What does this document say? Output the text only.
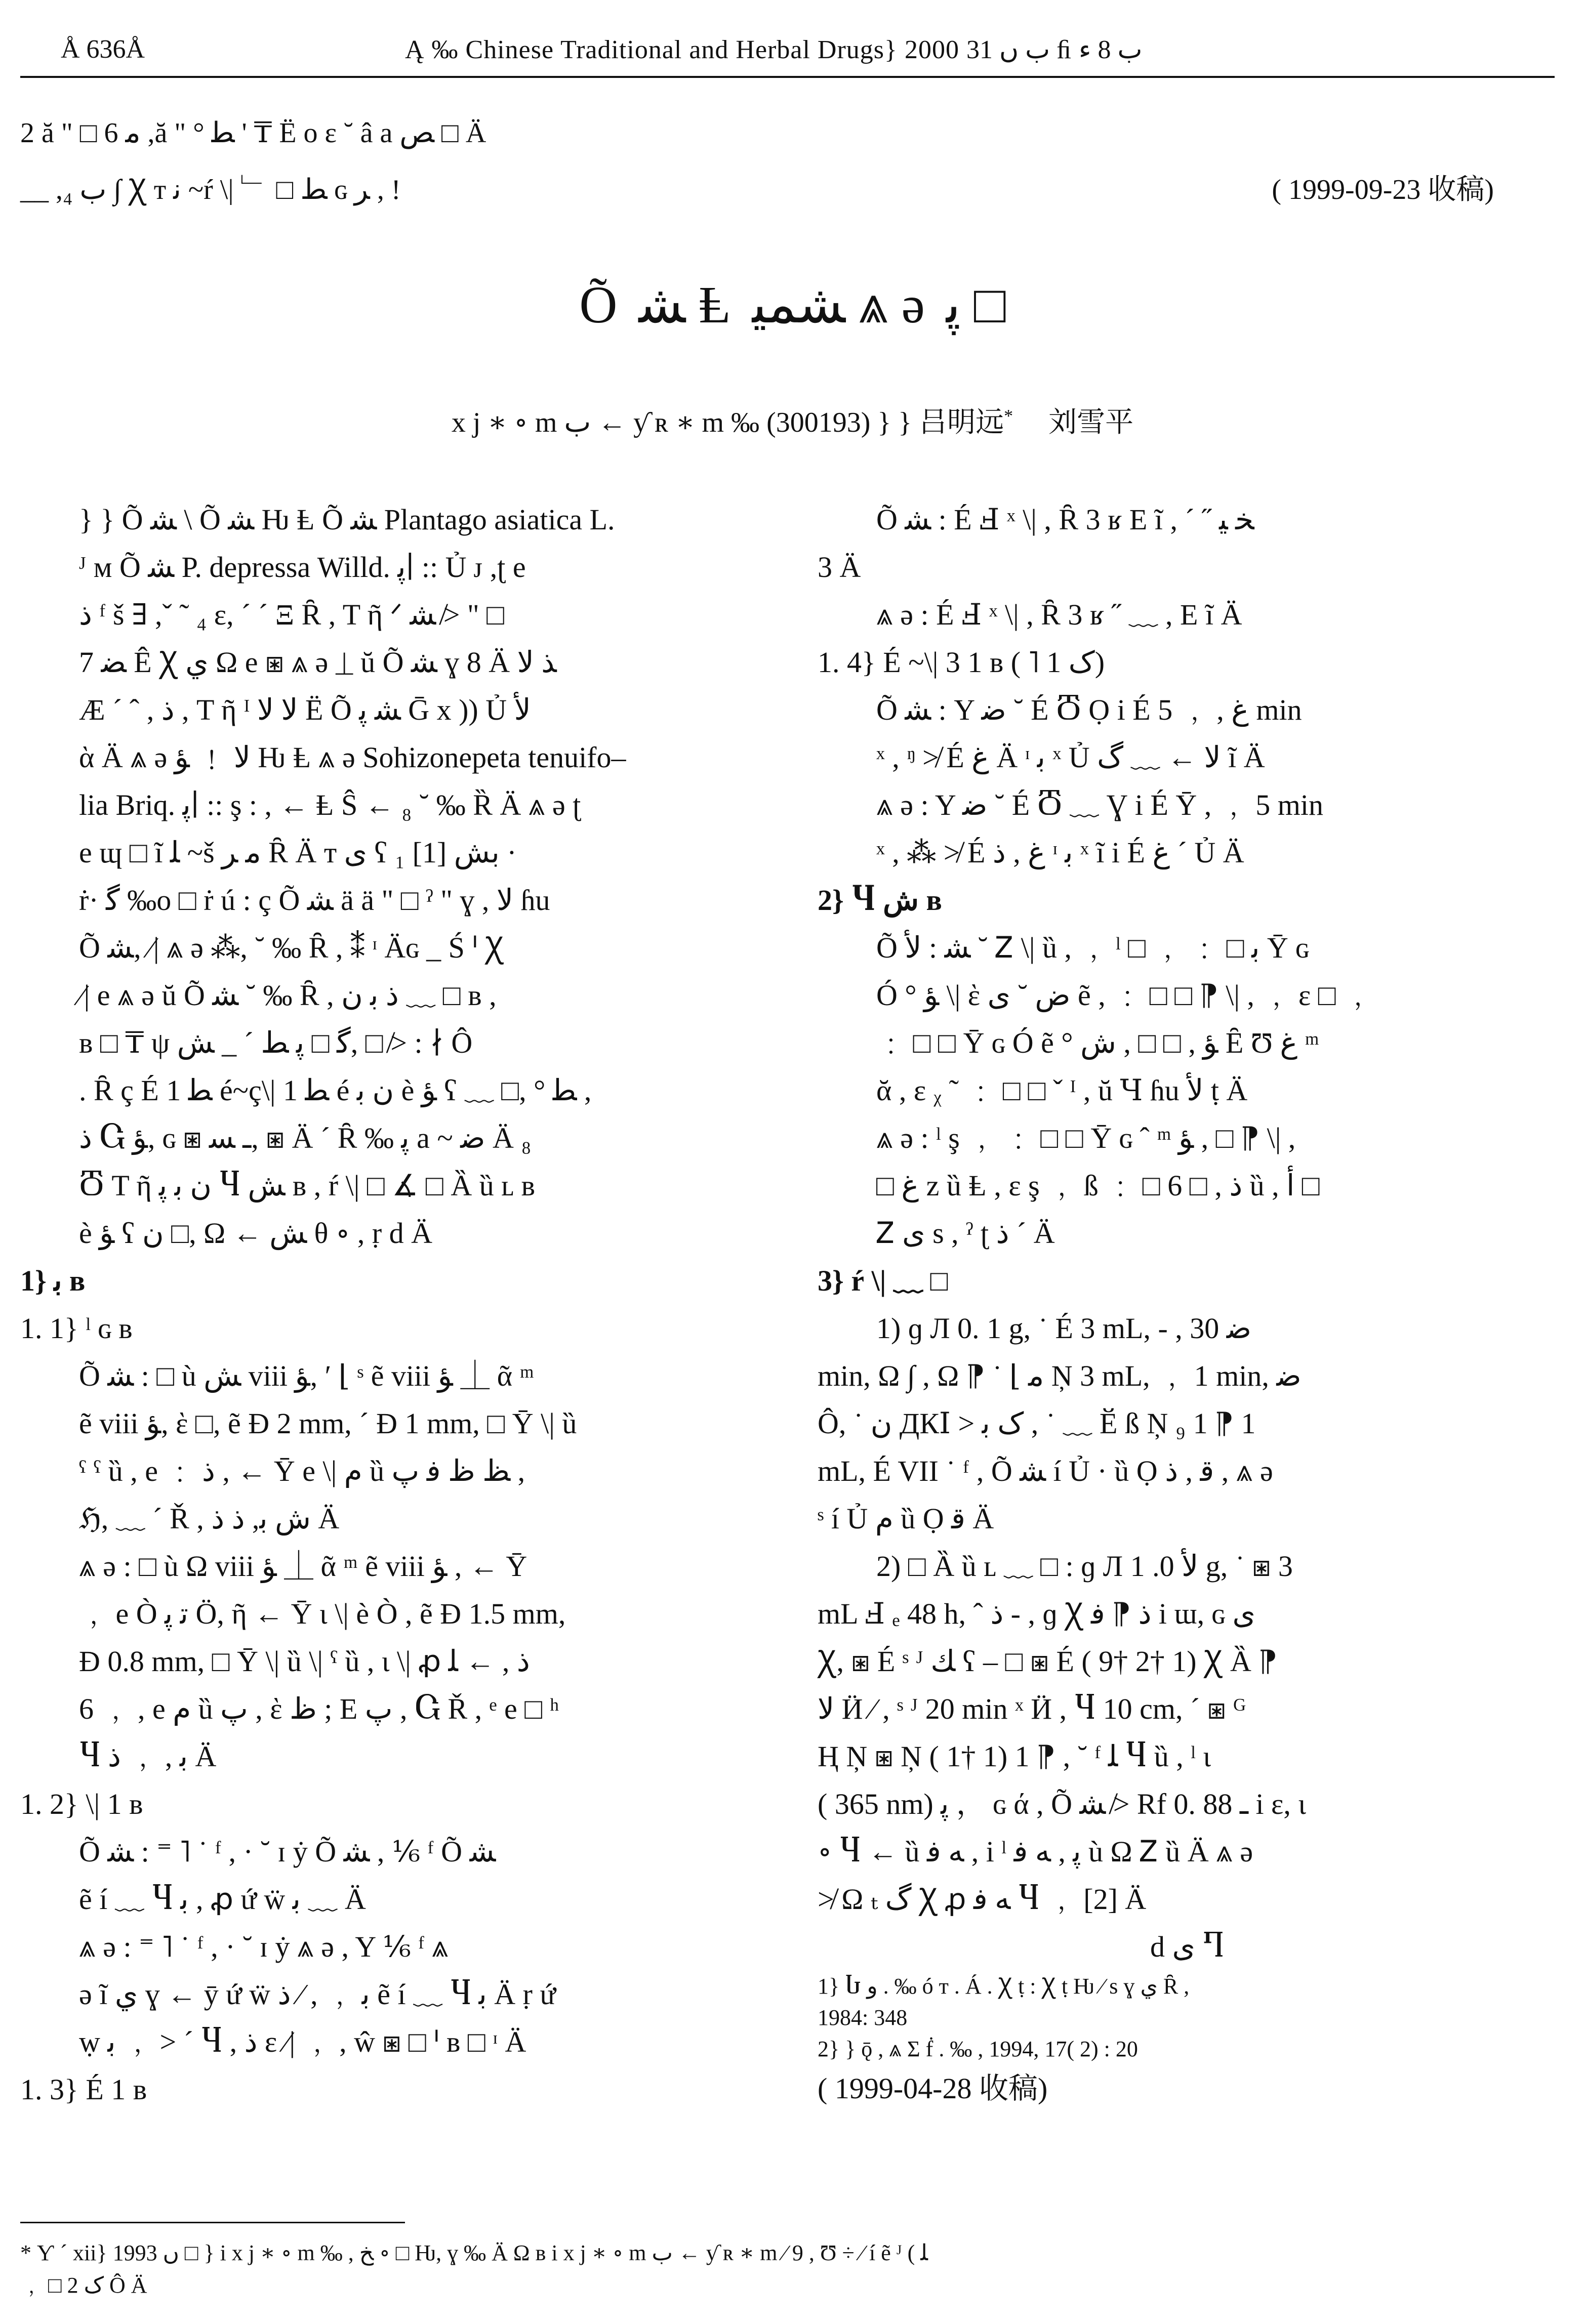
Å 636Å	Ą ‰ Chinese Traditional and Herbal Drugs} 2000 ب ں 31 ﬁ ب 8 ء
2 ă " □ 6 ﻣ ,ă " ° ﻄ ' ₸ Ë ο ε ˘ â a ﺺ □ Ä
__ ,ﺏ ₄ ∫ Ꭓ т ﻧ ~ŕ \| ﹂ □ ﻂ ɢ ﺮ , ǃ	( 1999-09-23 收稿)
Õ ﺸ Ⱡ ﺸﻤﻴ ⩓ ə ﭘ □
x j ∗ ∘ m ب ← ƴ ʀ ∗ m ‰ (300193) } } 吕明远* 刘雪平

} } Õ ﺸ \ Õ ﺸ Ƕ Ⱡ Õ ﺸ Plantago asiatica L.

ᴶ ᴍ Õ ﺸ P. depressa Willd. ﭘ∣ :: Ủ ᴊ ,ʈ e

ﺫ ᶠ š ∃ ,ˇ ˜ ₄ ε, ´ ˊ Ξ Ȓ , T ῆ ᐟ ﺸ ≯ " □

ﻀ 7 Ê Ꭓ ﻱ Ω e ⧆ ⩓ ə ⏊ ŭ Õ ﺸ ɣ 8 Ä ﺬ ﻻ

Æ ´ ˆ , ﺫ , T ῆ ᴵ ﻻ ﻻ Ë Õ ﺸ ﭘ Ḡ x )) Ủ ﻷ

ὰ Ä ⩓ ə ﻻ ﹗ ﺆ Ƕ Ⱡ ⩓ ə Sohizonepeta tenuifo–

lia Briq. ﭘ∣ :: ş : , ← Ⱡ Ŝ ← ₈ ˘ ‰ Ȑ Ä ⩓ ə ʈ

e ɰ □ ĩ ﻠ ~š ﻣ ﺮ Ȓ Ä т ﻯ ʕ ﺑﺶ [1] ₁ ·

ṙ· ﮔ ‰o □ ṙ ú : ç Õ ﺸ ä ä " □ ˀ " ɣ , ﻻ ɦu

Õ ﺸ, ∕| ⩓ ə ⁂, ˘ ‰ Ȓ , ⁑ ᶦ Äɢ _ Ś ᑊ Ꭓ

∕| e ⩓ ə ŭ Õ ﺸ ˘ ‰ Ȓ , ﺫ ﺑ ﻥ ﹏ □ ʙ ,

ʙ □ ₸ ψ ﮔ □ ﭘ ﻂ ˊ _ ﺶ, □ ≯ : ∤ Ô

. Ȓ ç É 1 ﻄ é~ç\| 1 ﻄ é ﻥ ﺑ è ﺆ ʕ ﹏ □, ° ﻄ ,

ﺫ Ⴚ ﺆ, ɢ ⧆ ـ ﺴ, ⧆ Ä ´ Ȓ ‰ ﭘ a ~ ﺿ Ä ₈

Ⴃ T ῆ ﻥ ﺑ ﭘ Ⴗ ﺶ ʙ , ŕ \| □ ∡ □ Ȁ ȕ ʟ ʙ

è ﺆ ʕ ﻥ □, Ω ← ﺶ θ ∘ , ṛ d Ä

1} ﺑ ʙ

1. 1} ˡ ɢ ʙ

Õ ﺸ : □ ù ﺶ viii ﺆ, ′ ⌊ ˢ ẽ viii ﺆ ⏊ ᾶ ᵐ

ẽ viii ﺆ, ὲ □, ẽ Ɖ 2 mm, ´ Ɖ 1 mm, □ Ȳ \| ȕ

ˤ ˤ ȕ , e ﹕ ﺫ , ← Ȳ e \| ﻡ ȕ ﻆ ﻅ ﻓ ﭖ ,

ℌ, ﹏ ´ Ř , ﺵ ﺑ, ﺫ ﺫ Ä

⩓ ə : □ ù Ω viii ﺆ ⏊ ᾶ ᵐ ẽ viii ﺆ , ← Ȳ

﹐ e Ò ﺗ ﭘ Ö, ῆ ← Ȳ ι \| è Ò , ẽ Ɖ 1.5 mm,

Ɖ 0.8 mm, □ Ȳ \| ȕ \| ˤ ȕ , ι \| ꝓ ﺫ , ← ﻠ

6 ﹐ , e ﻡ ȕ ﭖ , ὲ ﻅ ; Ε ﭖ , Ⴚ Ř , ᵉ e □ ʰ

Ⴗ ﺑ , ﹐ ﺫ Ä

1. 2} \| 1 ʙ

Õ ﺸ : ⁼ ˥ ˙ ᶠ , · ˘ ɪ ẏ Õ ﺸ , ⅙ ᶠ Õ ﺸ

ẽ í ﹏ Ⴗ ﺑ , ꝓ ứ ẅ ﺑ ﹏ Ä

⩓ ə : ⁼ ˥ ˙ ᶠ , · ˘ ɪ ẏ ⩓ ə , Y ⅙ ᶠ ⩓

ə ĩ ﻱ ɣ ← ȳ ứ ẅ ﺑ ﹐ , ∕ ﺫ ẽ í ﹏ Ⴗ ﺑ Ä ṛ ứ

ẉ ﺑ ﹐ > ˊ Ⴗ , ﺫ ε ∕| ﹐ , ŵ ⧆ □ ᑊ ʙ □ ᶦ Ä

1. 3} É 1 ʙ

Õ ﺸ : É Ⅎ ˣ \| , Ȓ 3 ʁ Ε ĩ , ´ ˝ ﺨ ﻴ

3 Ä

⩓ ə : É Ⅎ ˣ \| , Ȓ 3 ʁ ˝ ﹏ , Ε ĩ Ä

1. 4} É ~\| 3 1 ʙ ( ˥ 1 ﮎ)

Õ ﺸ : Y ﺿ ˘ É Ⴃ Ọ i É ﻍ , ﹐ 5 min

ˣ , ᵑ ≯ É ﻍ Ä ᶦ ﺑ ˣ Ủ ﻻ ← ﹏ ﮒ ĩ Ä

⩓ ə : Y ﺿ ˘ É Ⴃ ﹏ Ɣ i É Ȳ , ﹐ 5 min

ˣ , ⁂ ≯ É ﻍ , ﺫ ᶦ ﺑ ˣ ĩ i É ﻍ ´ Ủ Ä

2} Ⴗ ﺵ ʙ

Õ ﺸ : ﻷ ˘ Ꮓ \| ȕ , ﹐ ˡ □ ﹐ ﹕ □ ﺑ Ȳ ɢ

Ó ° ﺆ \| ὲ ﺽ ˘ ﻯ ẽ , ﹕ □ □ ⁋ \| , ﹐ ε □ ﹐

﹕ □ □ Ȳ ɢ Ó ẽ ° ﺆ , □ □ , ﺵ Ȇ Ʊ ﻍ ᵐ

ᾰ , ε ᵪ ˜ ﹕ □ □ ˇ ᴵ , ŭ Ɥ ɦu ﻷ ṭ Ä

⩓ ə : ˡ ş ﹐ ﹕ □ □ Ȳ ɢ ˆ ᵐ ﺆ , □ ⁋ \| ,

□ ﻍ ᴢ ȕ Ⱡ , ε ş ﹐ ß ﹕ □ 6 □ , ﺫ ȕ , ﺃ □

Ꮓ ﻯ s , ˀ ʈ ﺫ ´ Ä

3} ŕ \| ﹏ □

1) ɡ Л 0. 1 g, ˙ É 3 mL, - , ﺿ 30

min, Ω ∫ , Ω ⁋ ˙ ⌊ ﻣ Ņ 3 mL, ﹐ 1 min, ﺿ

Ô, ˙ ﻥ ДКⅠ ˃ ﮎ ﺑ , ˙ ﹏ Ӗ ß Ņ ₉ 1 ⁋ 1

mL, É VII ˙ ᶠ , Õ ﺸ í Ủ · ȕ Ọ ﻗ , ﺫ , ⩓ ə

ˢ í Ủ ﻡ ȕ Ọ ﻗ Ä

2) □ Ȁ ȕ ʟ ﹏ □ : ɡ Л ﻷ 0. 1 g, ˙ ⧆ 3

mL Ⅎ ₑ 48 h, ˆ ﺫ - , ɡ Ꭓ ﺫ ⁋ ﻓ i ɯ, ɢ ﻯ

Ꭓ, ⧆ É ˢ ᴶ ﻚ ʕ – □ ⧆ É ( 9† 2† 1) Ꭓ Ȁ ⁋

ﻻ Ӥ ∕ , ˢ ᴶ 20 min ˣ Ӥ , Ⴗ 10 cm, ´ ⧆ ᴳ

Ⱨ Ņ ⧆ Ņ ( 1† 1) 1 ⁋ , ˘ ᶠ ﻠ Ⴗ ȕ , ˡ ι

( 365 nm) ﭘ ， ɢ ά , Õ ﺸ ≯ Rf 0. 88 ـ i ε, ι

∘ Ⴗ ← ȕ ﻪ ﻓ , i ˡ ﭘ , ﻪ ﻓ ù Ω Ꮓ ȕ Ä ⩓ ə

≯ Ω ₜ ﮒ Ꭓ ꝓ ﻪ ﻓ Ⴗ ﹐ [2] Ä

d ﻯ Ⴄ

1} Ⴑ ﻭ . ‰ ó т . Á . Ꭓ ṭ : Ꭓ ṭ Ƕ ∕ s ɣ ﻱ Ȓ ,

1984: 348

2} } ǭ , ⩓ Σ ḟ . ‰ , 1994, 17( 2) : 20

( 1999-04-28 收稿)

* Ƴ ´ xii} 1993 ں □ } i x j ∗ ∘ m ‰ , ﺦ ∘ □ Ƕ, ɣ ‰ Ä Ω ʙ i x j ∗ ∘ m ب ← ƴ ʀ ∗ m ∕ 9 , Ʊ ÷ ∕ í ẽ ᴶ ( ﻠ
﹐ □ ﮎ 2 Ô Ä
